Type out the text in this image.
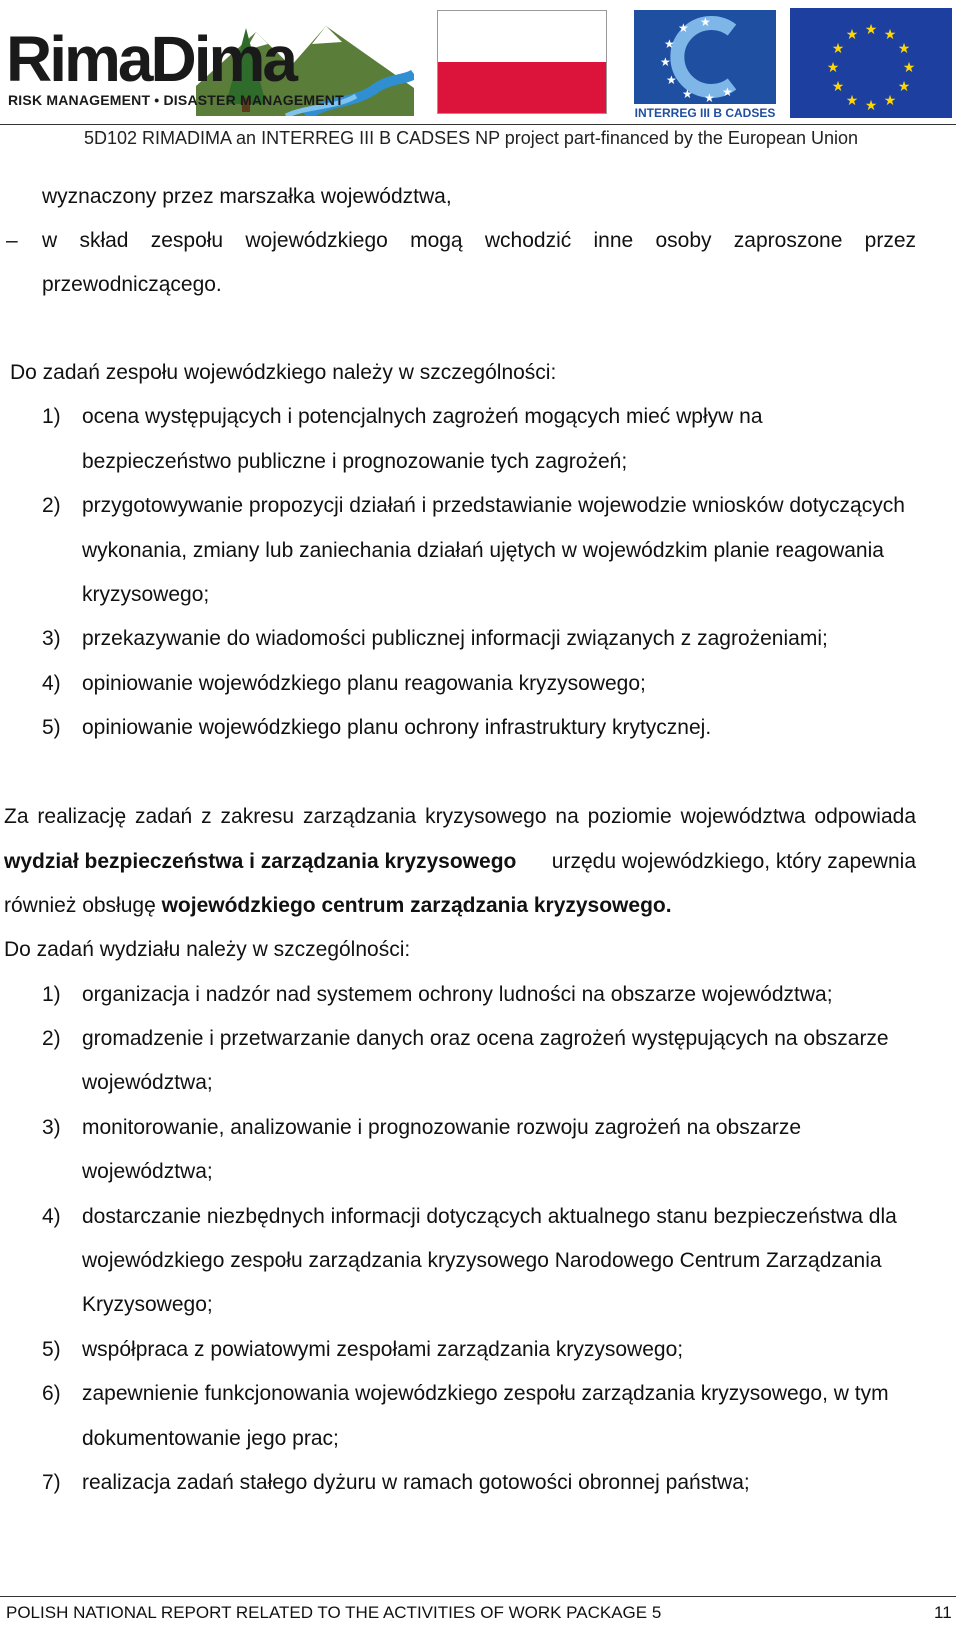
RimaDima
RISK MANAGEMENT • DISASTER MANAGEMENT
★
★
★
★
★
★ ★ ★
INTERREG III B CADSES
★ ★
★
★
★
★
★
★
★
★
★
★
5D102 RIMADIMA an INTERREG III B CADSES NP project part-financed by the European Union
wyznaczony przez marszałka województwa,
– w skład zespołu wojewódzkiego mogą wchodzić inne osoby zaproszone przez
przewodniczącego.
Do zadań zespołu wojewódzkiego należy w szczególności:
1) ocena występujących i potencjalnych zagrożeń mogących mieć wpływ na
bezpieczeństwo publiczne i prognozowanie tych zagrożeń;
2) przygotowywanie propozycji działań i przedstawianie wojewodzie wniosków dotyczących
wykonania, zmiany lub zaniechania działań ujętych w wojewódzkim planie reagowania
kryzysowego;
3) przekazywanie do wiadomości publicznej informacji związanych z zagrożeniami;
4) opiniowanie wojewódzkiego planu reagowania kryzysowego;
5) opiniowanie wojewódzkiego planu ochrony infrastruktury krytycznej.
Za realizację zadań z zakresu zarządzania kryzysowego na poziomie województwa odpowiada
wydział bezpieczeństwa i zarządzania kryzysowego urzędu wojewódzkiego, który zapewnia
również obsługę wojewódzkiego centrum zarządzania kryzysowego.
Do zadań wydziału należy w szczególności:
1) organizacja i nadzór nad systemem ochrony ludności na obszarze województwa;
2) gromadzenie i przetwarzanie danych oraz ocena zagrożeń występujących na obszarze
województwa;
3) monitorowanie, analizowanie i prognozowanie rozwoju zagrożeń na obszarze
województwa;
4) dostarczanie niezbędnych informacji dotyczących aktualnego stanu bezpieczeństwa dla
wojewódzkiego zespołu zarządzania kryzysowego Narodowego Centrum Zarządzania
Kryzysowego;
5) współpraca z powiatowymi zespołami zarządzania kryzysowego;
6) zapewnienie funkcjonowania wojewódzkiego zespołu zarządzania kryzysowego, w tym
dokumentowanie jego prac;
7) realizacja zadań stałego dyżuru w ramach gotowości obronnej państwa;
POLISH NATIONAL REPORT RELATED TO THE ACTIVITIES OF WORK PACKAGE 5	11
